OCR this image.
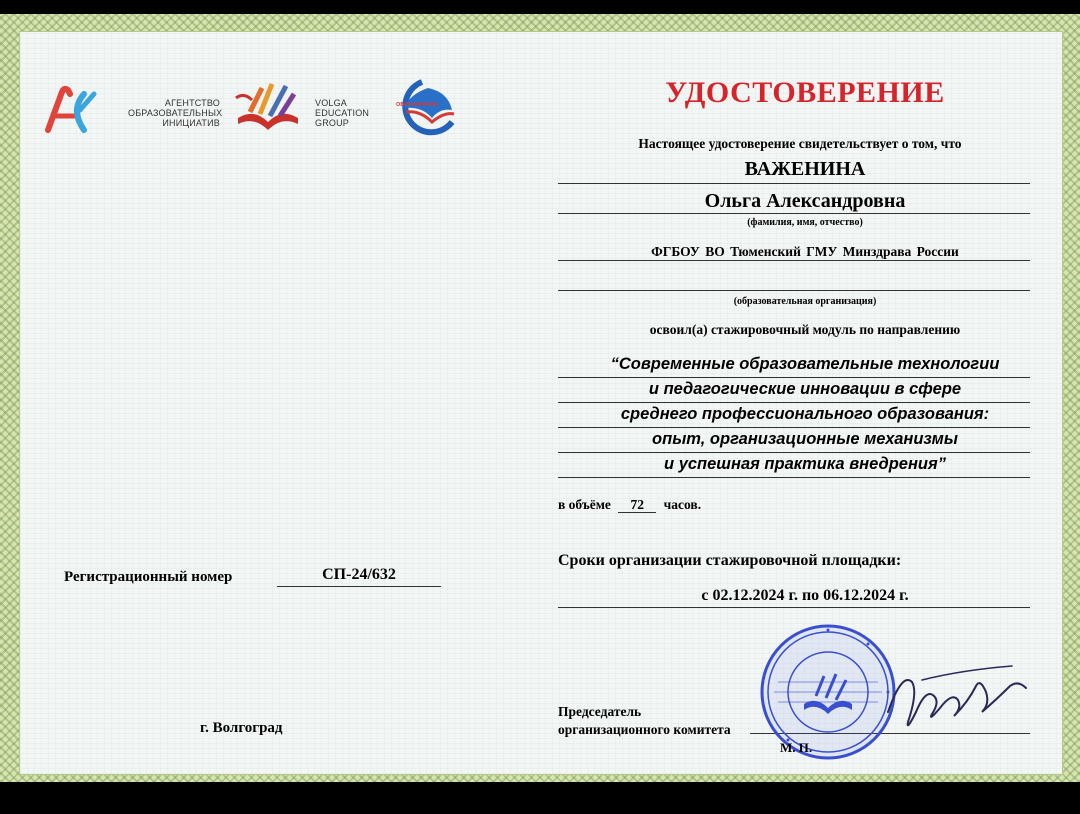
АГЕНТСТВО
ОБРАЗОВАТЕЛЬНЫХ
ИНИЦИАТИВ
VOLGA
EDUCATION
GROUP
ОБРАЗОВАНИЕ	УДОСТОВЕРЕНИЕ
Настоящее удостоверение свидетельствует о том, что
ВАЖЕНИНА
Ольга Александровна
(фамилия, имя, отчество)
ФГБОУ ВО Тюменский ГМУ Минздрава России
(образовательная организация)
освоил(а) стажировочный модуль по направлению
“Современные образовательные технологии
и педагогические инновации в сфере
среднего профессионального образования:
опыт, организационные механизмы
и успешная практика внедрения”
в объёме 72 часов.
Сроки организации стажировочной площадки:
с 02.12.2024 г. по 06.12.2024 г.
Регистрационный номер	СП-24/632
г. Волгоград
Председатель
организационного комитета
М. П.
